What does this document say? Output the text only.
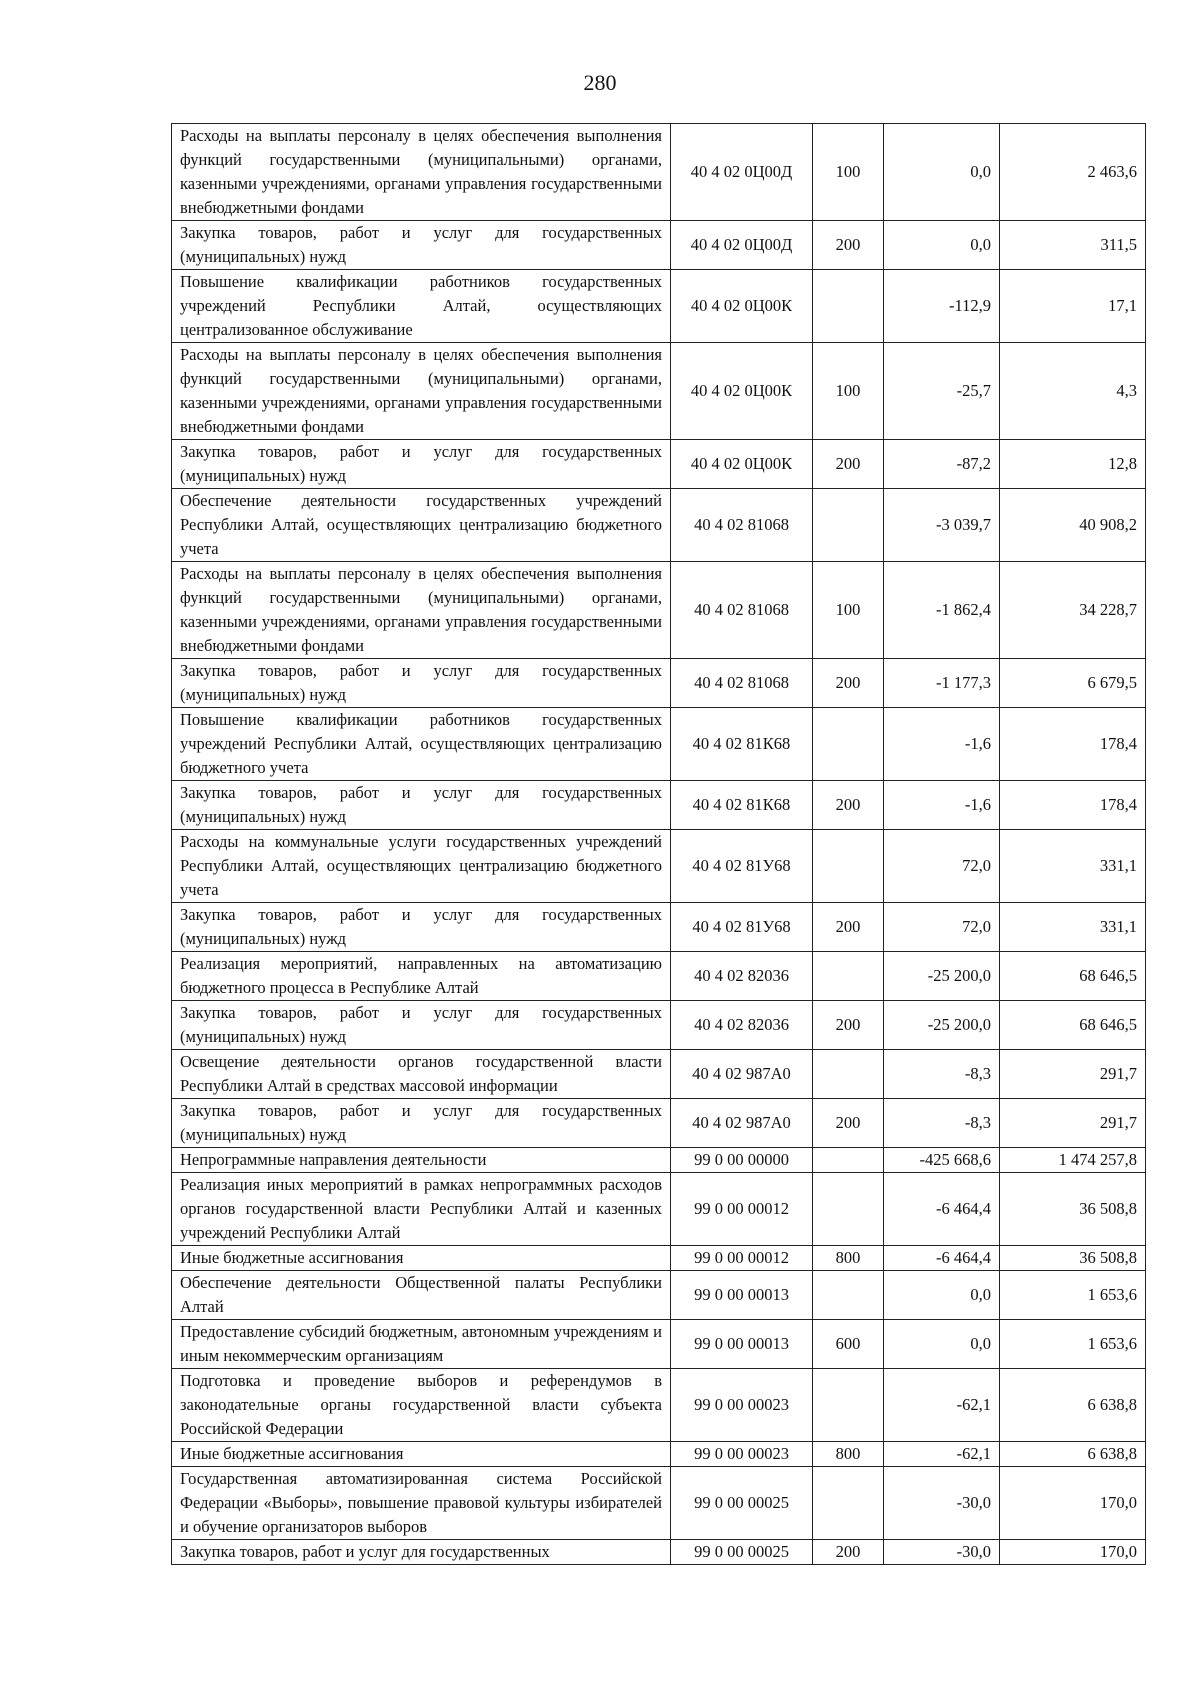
280
Расходы на выплаты персоналу в целях обеспечения выполнения функций государственными (муниципальными) органами, казенными учреждениями, органами управления государственными внебюджетными фондами	40 4 02 0Ц00Д	100	0,0	2 463,6
Закупка товаров, работ и услуг для государственных (муниципальных) нужд	40 4 02 0Ц00Д	200	0,0	311,5
Повышение квалификации работников государственных учреждений Республики Алтай, осуществляющих централизованное обслуживание	40 4 02 0Ц00К		-112,9	17,1
Расходы на выплаты персоналу в целях обеспечения выполнения функций государственными (муниципальными) органами, казенными учреждениями, органами управления государственными внебюджетными фондами	40 4 02 0Ц00К	100	-25,7	4,3
Закупка товаров, работ и услуг для государственных (муниципальных) нужд	40 4 02 0Ц00К	200	-87,2	12,8
Обеспечение деятельности государственных учреждений Республики Алтай, осуществляющих централизацию бюджетного учета	40 4 02 81068		-3 039,7	40 908,2
Расходы на выплаты персоналу в целях обеспечения выполнения функций государственными (муниципальными) органами, казенными учреждениями, органами управления государственными внебюджетными фондами	40 4 02 81068	100	-1 862,4	34 228,7
Закупка товаров, работ и услуг для государственных (муниципальных) нужд	40 4 02 81068	200	-1 177,3	6 679,5
Повышение квалификации работников государственных учреждений Республики Алтай, осуществляющих централизацию бюджетного учета	40 4 02 81К68		-1,6	178,4
Закупка товаров, работ и услуг для государственных (муниципальных) нужд	40 4 02 81К68	200	-1,6	178,4
Расходы на коммунальные услуги государственных учреждений Республики Алтай, осуществляющих централизацию бюджетного учета	40 4 02 81У68		72,0	331,1
Закупка товаров, работ и услуг для государственных (муниципальных) нужд	40 4 02 81У68	200	72,0	331,1
Реализация мероприятий, направленных на автоматизацию бюджетного процесса в Республике Алтай	40 4 02 82036		-25 200,0	68 646,5
Закупка товаров, работ и услуг для государственных (муниципальных) нужд	40 4 02 82036	200	-25 200,0	68 646,5
Освещение деятельности органов государственной власти Республики Алтай в средствах массовой информации	40 4 02 987А0		-8,3	291,7
Закупка товаров, работ и услуг для государственных (муниципальных) нужд	40 4 02 987А0	200	-8,3	291,7
Непрограммные направления деятельности	99 0 00 00000		-425 668,6	1 474 257,8
Реализация иных мероприятий в рамках непрограммных расходов органов государственной власти Республики Алтай и казенных учреждений Республики Алтай	99 0 00 00012		-6 464,4	36 508,8
Иные бюджетные ассигнования	99 0 00 00012	800	-6 464,4	36 508,8
Обеспечение деятельности Общественной палаты Республики Алтай	99 0 00 00013		0,0	1 653,6
Предоставление субсидий бюджетным, автономным учреждениям и иным некоммерческим организациям	99 0 00 00013	600	0,0	1 653,6
Подготовка и проведение выборов и референдумов в законодательные органы государственной власти субъекта Российской Федерации	99 0 00 00023		-62,1	6 638,8
Иные бюджетные ассигнования	99 0 00 00023	800	-62,1	6 638,8
Государственная автоматизированная система Российской Федерации «Выборы», повышение правовой культуры избирателей и обучение организаторов выборов	99 0 00 00025		-30,0	170,0
Закупка товаров, работ и услуг для государственных	99 0 00 00025	200	-30,0	170,0
